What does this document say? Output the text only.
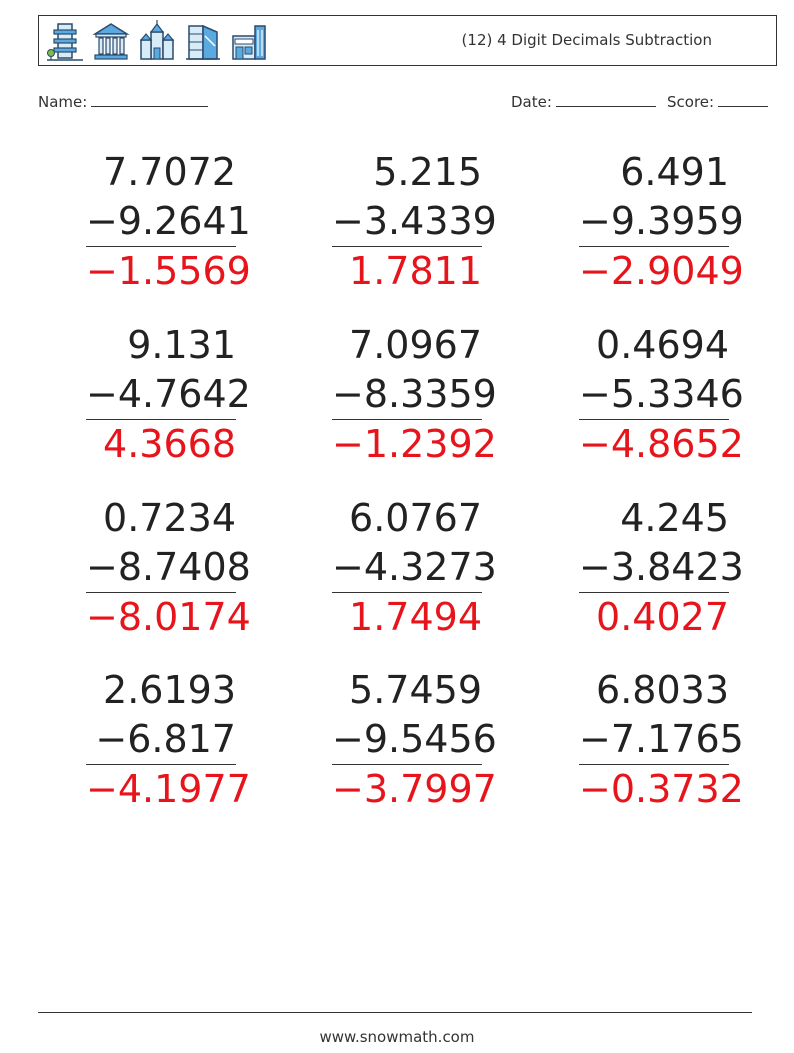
(12) 4 Digit Decimals Subtraction
Name:	Date:	Score:
7.7072
−9.2641
−1.5569
5.215
−3.4339
1.7811
6.491
−9.3959
−2.9049
9.131
−4.7642
4.3668
7.0967
−8.3359
−1.2392
0.4694
−5.3346
−4.8652
0.7234
−8.7408
−8.0174
6.0767
−4.3273
1.7494
4.245
−3.8423
0.4027
2.6193
−6.817
−4.1977
5.7459
−9.5456
−3.7997
6.8033
−7.1765
−0.3732
www.snowmath.com
